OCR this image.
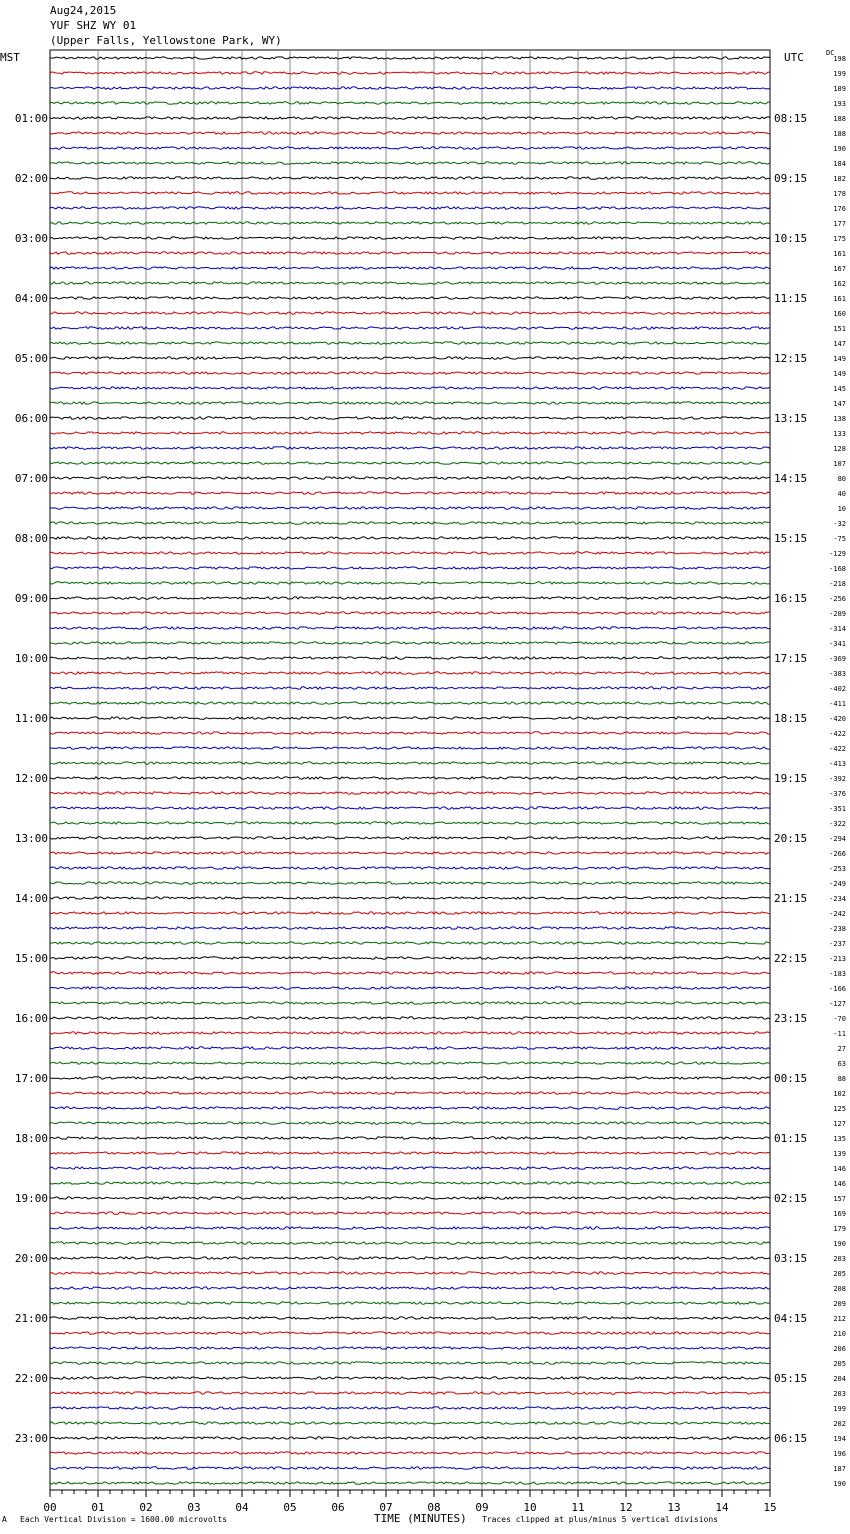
Aug24,2015
YUF SHZ WY 01
(Upper Falls, Yellowstone Park, WY)
MST	UTC	DC
198
199
189
193
188
188
190
184
182
178
176
177
175
161
167
162
161
160
151
147
149
149
145
147
138
133
128
107
80
40
10
-32
-75
-129
-168
-218
-256
-289
-314
-341
-369
-383
-402
-411
-420
-422
-422
-413
-392
-376
-351
-322
-294
-266
-253
-249
-234
-242
-238
-237
-213
-183
-166
-127
-70
-11
27
63
88
102
125
127
135
139
146
146
157
169
179
190
203
205
208
209
212
210
206
205
204
203
199
202
194
196
187
190
01:00
02:00
03:00
04:00
05:00
06:00
07:00
08:00
09:00
10:00
11:00
12:00
13:00
14:00
15:00
16:00
17:00
18:00
19:00
20:00
21:00
22:00
23:00
08:15
09:15
10:15
11:15
12:15
13:15
14:15
15:15
16:15
17:15
18:15
19:15
20:15
21:15
22:15
23:15
00:15
01:15
02:15
03:15
04:15
05:15
06:15
00	01	02	03	04	05	06	07	08	09	10	11	12	13	14	15
A Each Vertical Division = 1600.00 microvolts	TIME (MINUTES) Traces clipped at plus/minus 5 vertical divisions
